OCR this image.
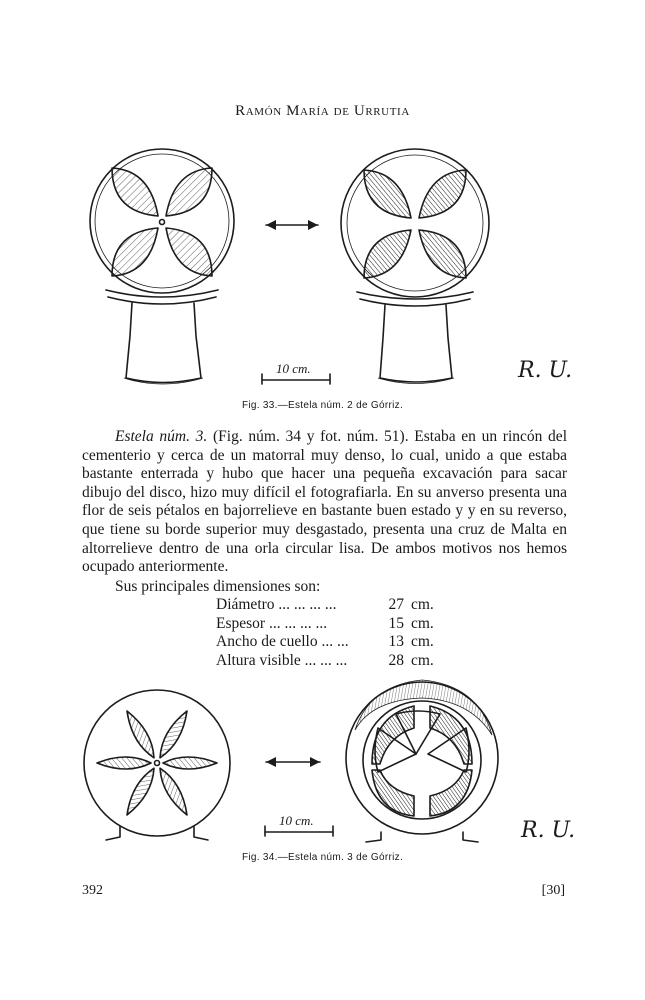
Ramón María de Urrutia
10 cm.	R. U.
Fig. 33.—Estela núm. 2 de Górriz.

Estela núm. 3. (Fig. núm. 34 y fot. núm. 51). Estaba en un rincón del cementerio y cerca de un matorral muy denso, lo cual, unido a que estaba bastante enterrada y hubo que hacer una pequeña excavación para sacar dibujo del disco, hizo muy difícil el fotografiarla. En su anverso presenta una flor de seis pétalos en bajorrelieve en bastante buen estado y y en su reverso, que tiene su borde superior muy desgastado, presenta una cruz de Malta en altorrelieve dentro de una orla circular lisa. De ambos motivos nos hemos ocupado anteriormente.

Sus principales dimensiones son:

Diámetro ... ... ... ...	27	cm.
Espesor ... ... ... ...	15	cm.
Ancho de cuello ... ...	13	cm.
Altura visible ... ... ...	28	cm.
10 cm.	R. U.
Fig. 34.—Estela núm. 3 de Górriz.
392	[30]
